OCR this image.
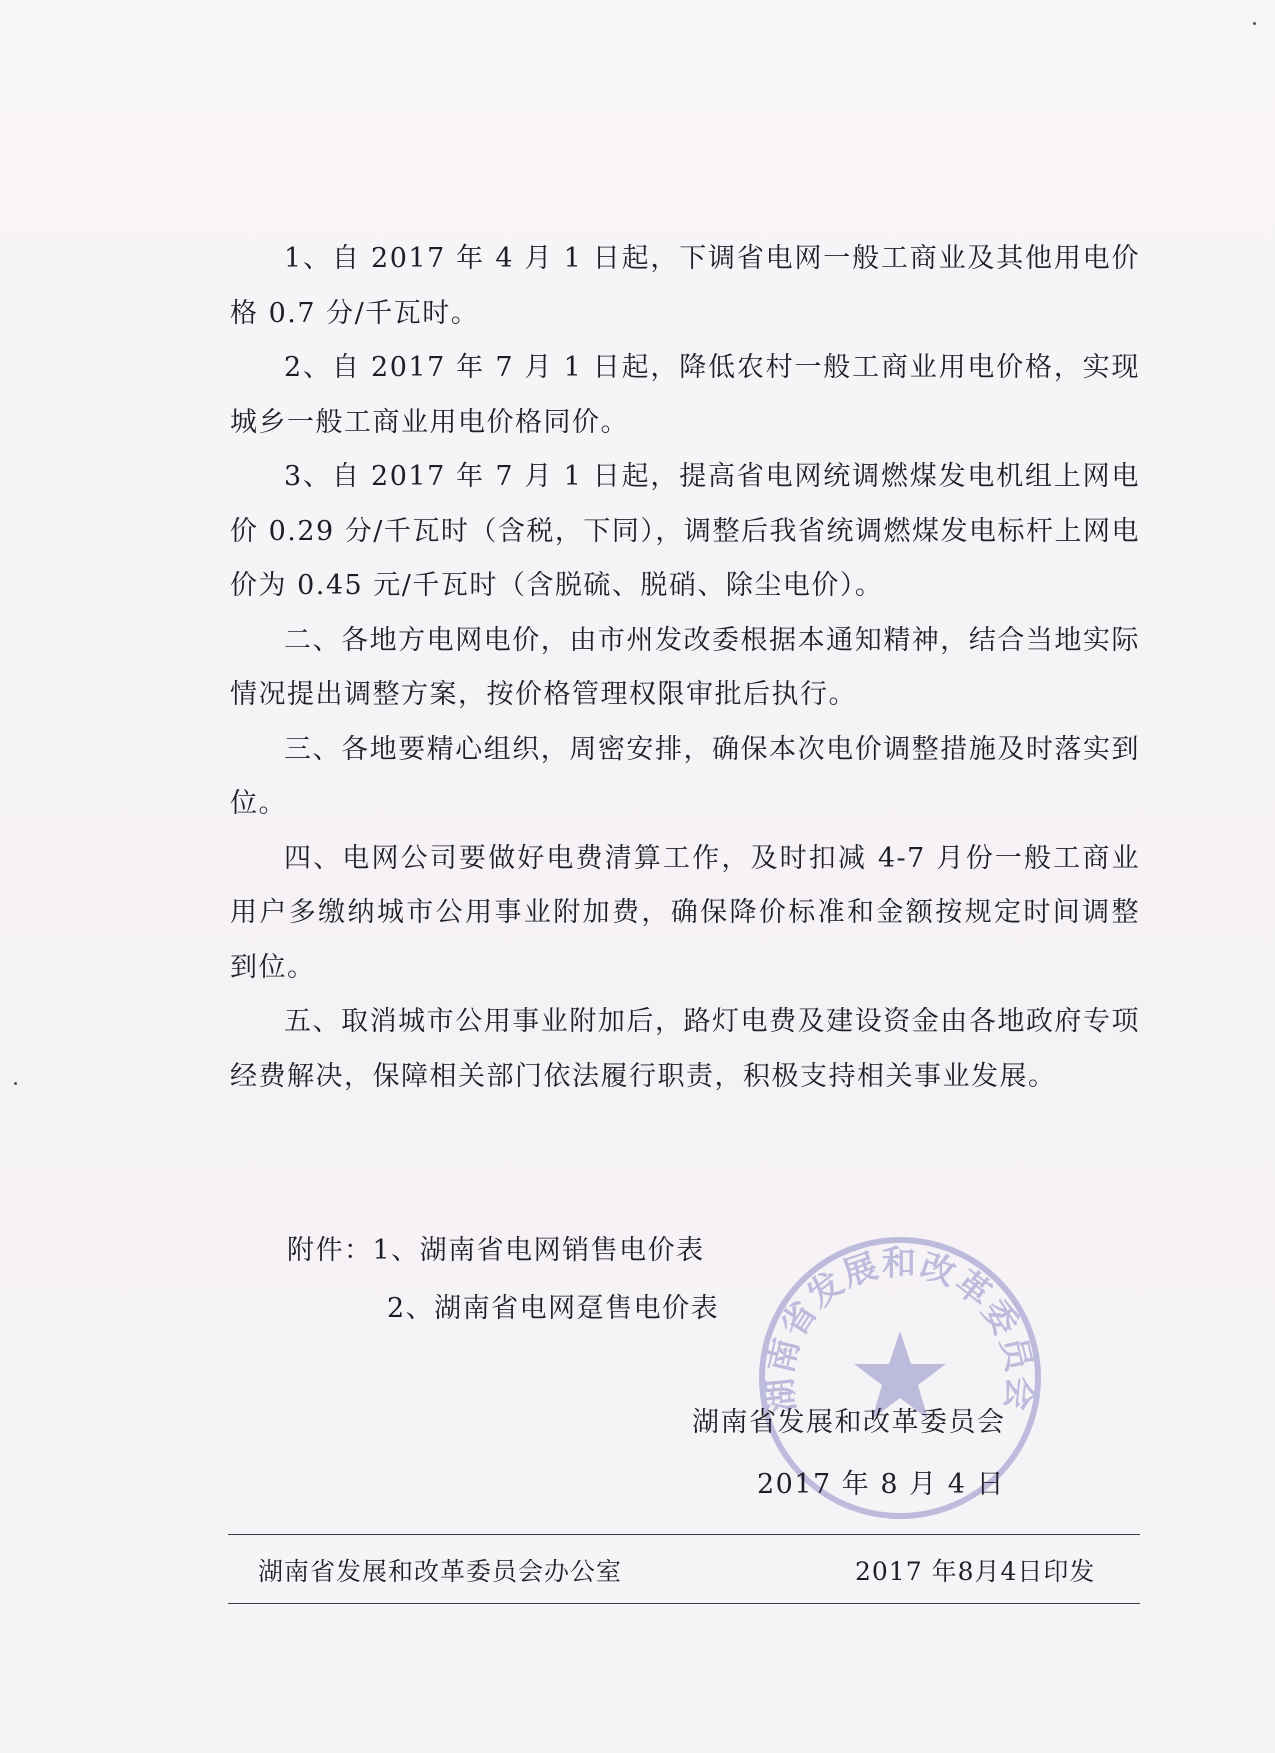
1、自 2017 年 4 月 1 日起，下调省电网一般工商业及其他用电价格 0.7 分/千瓦时。

2、自 2017 年 7 月 1 日起，降低农村一般工商业用电价格，实现城乡一般工商业用电价格同价。

3、自 2017 年 7 月 1 日起，提高省电网统调燃煤发电机组上网电价 0.29 分/千瓦时（含税，下同），调整后我省统调燃煤发电标杆上网电价为 0.45 元/千瓦时（含脱硫、脱硝、除尘电价）。

二、各地方电网电价，由市州发改委根据本通知精神，结合当地实际情况提出调整方案，按价格管理权限审批后执行。

三、各地要精心组织，周密安排，确保本次电价调整措施及时落实到位。

四、电网公司要做好电费清算工作，及时扣减 4-7 月份一般工商业用户多缴纳城市公用事业附加费，确保降价标准和金额按规定时间调整到位。

五、取消城市公用事业附加后，路灯电费及建设资金由各地政府专项经费解决，保障相关部门依法履行职责，积极支持相关事业发展。

附件：1、湖南省电网销售电价表
2、湖南省电网趸售电价表
湖南省发展和改革委员会
湖南省发展和改革委员会
2017 年 8 月 4 日
湖南省发展和改革委员会办公室	2017 年8月4日印发
